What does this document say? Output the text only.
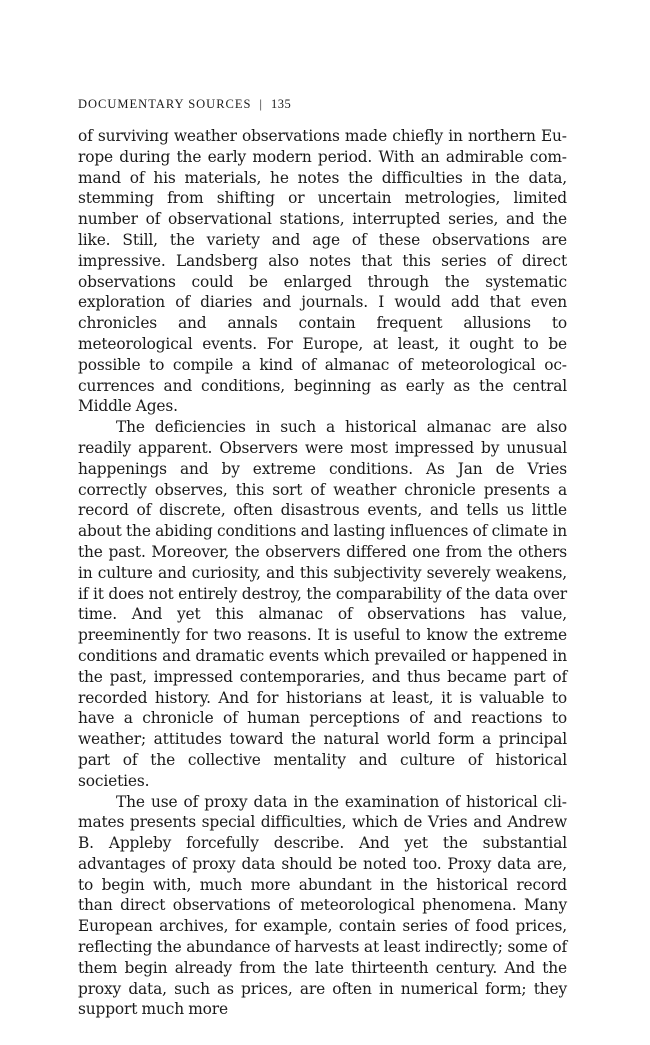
DOCUMENTARY SOURCES | 135

of surviving weather observations made chiefly in northern Europe during the early modern period. With an admirable command of his materials, he notes the difficulties in the data, stemming from shifting or uncertain metrologies, limited number of observational stations, interrupted series, and the like. Still, the variety and age of these observations are impressive. Landsberg also notes that this series of direct observations could be enlarged through the systematic exploration of diaries and journals. I would add that even chronicles and annals contain frequent allusions to meteorological events. For Europe, at least, it ought to be possible to compile a kind of almanac of meteorological occurrences and conditions, beginning as early as the central Middle Ages.

The deficiencies in such a historical almanac are also readily apparent. Observers were most impressed by unusual happenings and by extreme conditions. As Jan de Vries correctly observes, this sort of weather chronicle presents a record of discrete, often disastrous events, and tells us little about the abiding conditions and lasting influences of climate in the past. Moreover, the observers differed one from the others in culture and curiosity, and this subjectivity severely weakens, if it does not entirely destroy, the comparability of the data over time. And yet this almanac of observations has value, preeminently for two reasons. It is useful to know the extreme conditions and dramatic events which prevailed or happened in the past, impressed contemporaries, and thus became part of recorded history. And for historians at least, it is valuable to have a chronicle of human perceptions of and reactions to weather; attitudes toward the natural world form a principal part of the collective mentality and culture of historical societies.

The use of proxy data in the examination of historical climates presents special difficulties, which de Vries and Andrew B. Appleby forcefully describe. And yet the substantial advantages of proxy data should be noted too. Proxy data are, to begin with, much more abundant in the historical record than direct observations of meteorological phenomena. Many European archives, for example, contain series of food prices, reflecting the abundance of harvests at least indirectly; some of them begin already from the late thirteenth century. And the proxy data, such as prices, are often in numerical form; they support much more
